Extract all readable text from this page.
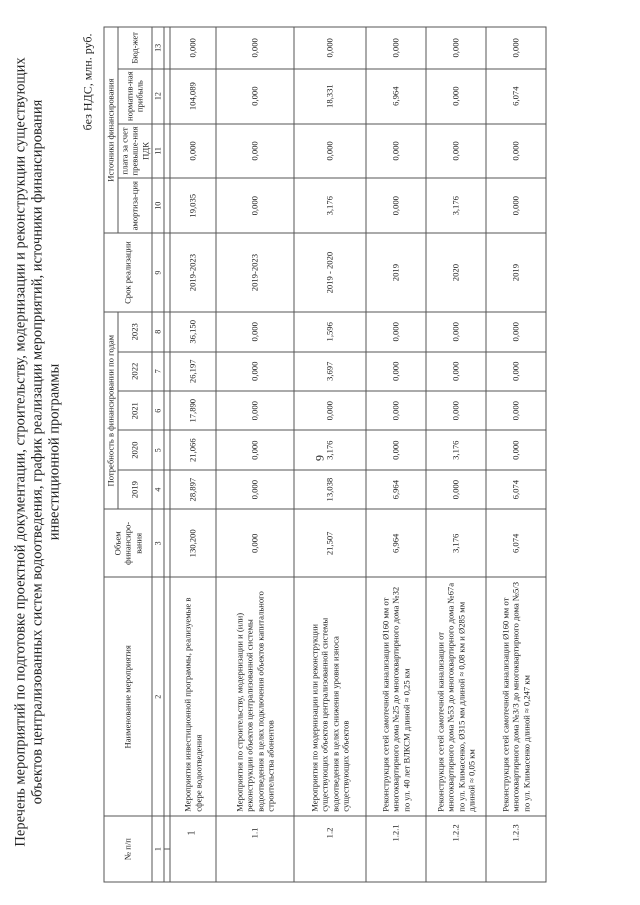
9
Перечень мероприятий по подготовке проектной документации, строительству, модернизации и реконструкции существующих объектов централизованных систем водоотведения, график реализации мероприятий, источники финансирования инвестиционной программы
без НДС, млн. руб.
№ п/п		Наименование мероприятия	Объем финансиро-вания	Потребность в финансировании по годам					Срок реализации	Источники финансирования			
				2019	2020	2021	2022	2023		амортиза-ция	плата за счет превыше-ния ПДК	норматив-ная прибыль	Бюд-жет
1		2	3	4	5	6	7	8	9	10	11	12	13

	1	Мероприятия инвестиционной программы, реализуемые в сфере водоотведения	130,200	28,897	21,066	17,890	26,197	36,150	2019-2023	19,035	0,000	104,089	0,000
	1.1	Мероприятия по строительству, модернизации и (или) реконструкции объектов централизованной системы водоотведения в целях подключения объектов капитального строительства абонентов	0,000	0,000	0,000	0,000	0,000	0,000	2019-2023	0,000	0,000	0,000	0,000
	1.2	Мероприятия по модернизации или реконструкции существующих объектов централизованной системы водоотведения в целях снижения уровня износа существующих объектов	21,507	13,038	3,176	0,000	3,697	1,596	2019 - 2020	3,176	0,000	18,331	0,000
	1.2.1	Реконструкция сетей самотечной канализации Ø160 мм от многоквартирного дома №25 до многоквартирного дома №32 по ул. 40 лет ВЛКСМ длиной ≈ 0,25 км	6,964	6,964	0,000	0,000	0,000	0,000	2019	0,000	0,000	6,964	0,000
	1.2.2	Реконструкция сетей самотечной канализации от многоквартирного дома №53 до многоквартирного дома №67а по ул. Климасенко, Ø315 мм длиной ≈ 0,08 км и Ø285 мм длиной ≈ 0,05 км	3,176	0,000	3,176	0,000	0,000	0,000	2020	3,176	0,000	0,000	0,000
	1.2.3	Реконструкция сетей самотечной канализации Ø160 мм от многоквартирного дома №3/3 до многоквартирного дома №5/3 по ул. Климасенко длиной ≈ 0,247 км	6,074	6,074	0,000	0,000	0,000	0,000	2019	0,000	0,000	6,074	0,000
